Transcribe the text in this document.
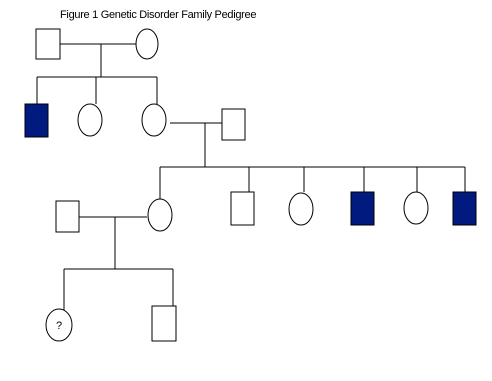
Figure 1 Genetic Disorder Family Pedigree
?
